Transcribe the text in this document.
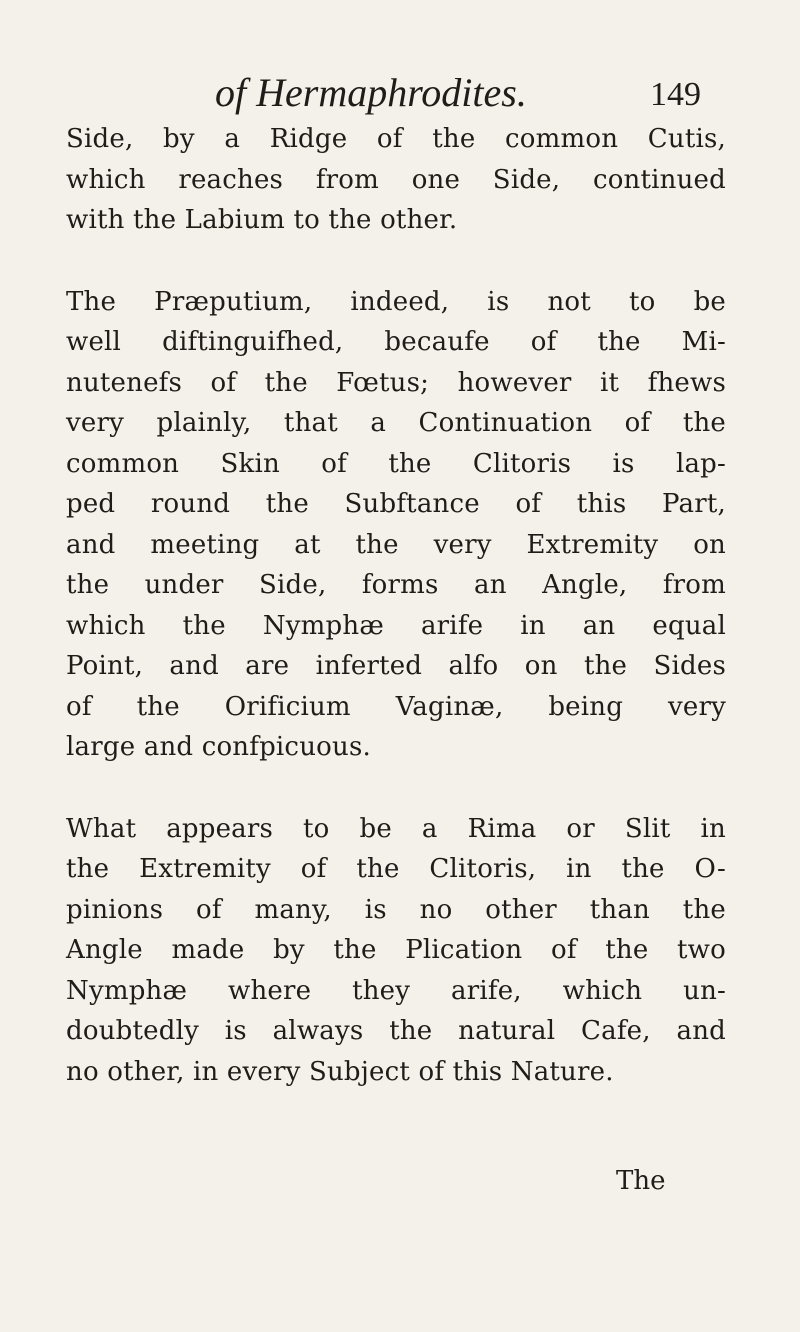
of Hermaphrodites.	149
Side, by a Ridge of the common Cutis,
which reaches from one Side, continued
with the Labium to the other.
The Præputium, indeed, is not to be
well diftinguifhed, becaufe of the Mi-
nutenefs of the Fœtus; however it fhews
very plainly, that a Continuation of the
common Skin of the Clitoris is lap-
ped round the Subftance of this Part,
and meeting at the very Extremity on
the under Side, forms an Angle, from
which the Nymphæ arife in an equal
Point, and are inferted alfo on the Sides
of the Orificium Vaginæ, being very
large and confpicuous.
What appears to be a Rima or Slit in
the Extremity of the Clitoris, in the O-
pinions of many, is no other than the
Angle made by the Plication of the two
Nymphæ where they arife, which un-
doubtedly is always the natural Cafe, and
no other, in every Subject of this Nature.
The
